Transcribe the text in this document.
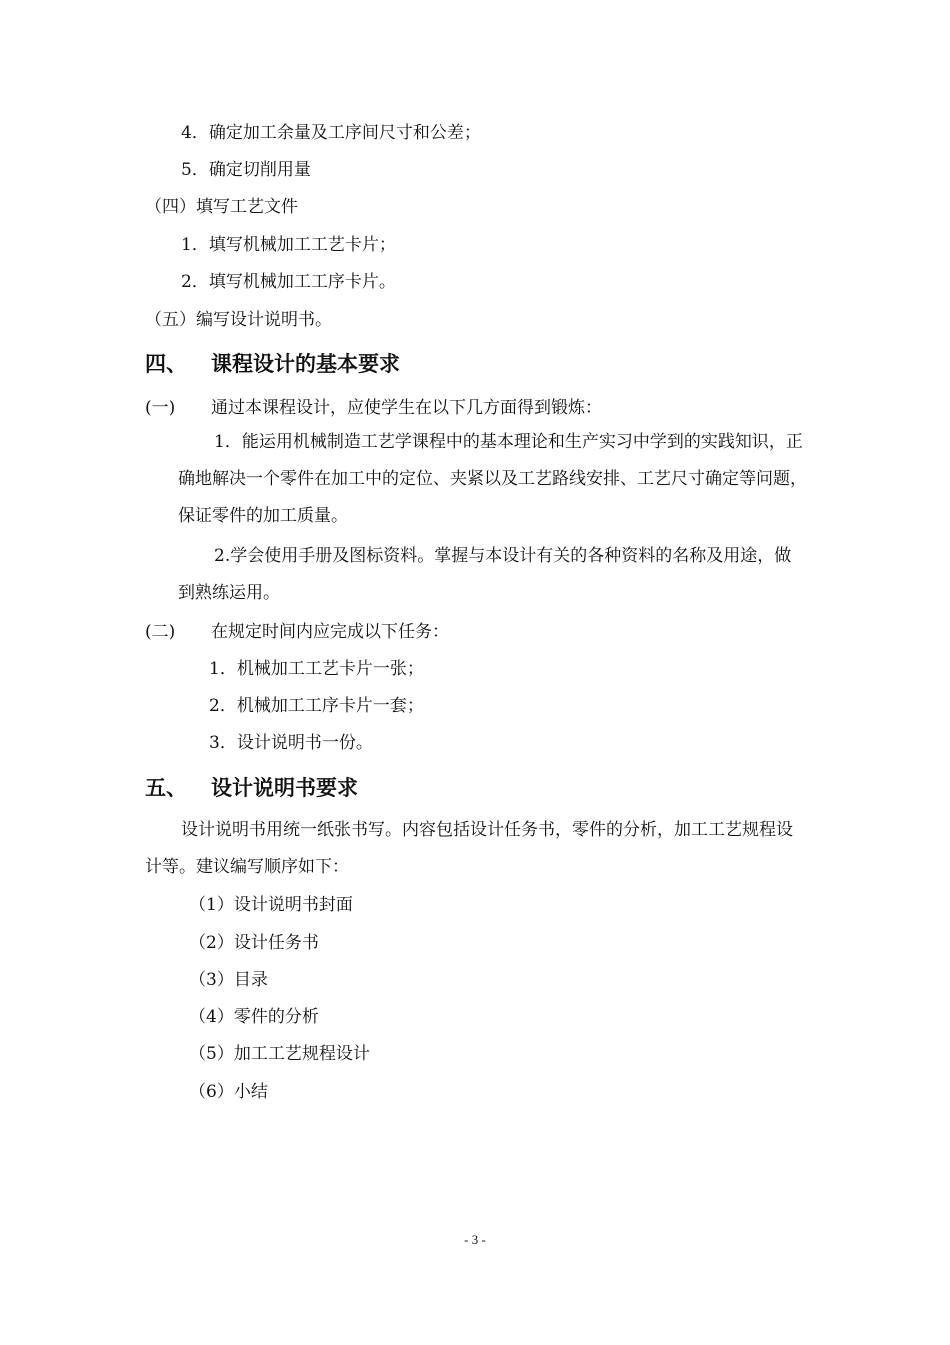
4．确定加工余量及工序间尺寸和公差；
5．确定切削用量
（四）填写工艺文件
1．填写机械加工工艺卡片；
2．填写机械加工工序卡片。
（五）编写设计说明书。
四、 课程设计的基本要求
(一) 通过本课程设计，应使学生在以下几方面得到锻炼：
1．能运用机械制造工艺学课程中的基本理论和生产实习中学到的实践知识，正确地解决一个零件在加工中的定位、夹紧以及工艺路线安排、工艺尺寸确定等问题，保证零件的加工质量。
2.学会使用手册及图标资料。掌握与本设计有关的各种资料的名称及用途，做到熟练运用。
(二) 在规定时间内应完成以下任务：
1．机械加工工艺卡片一张；
2．机械加工工序卡片一套；
3．设计说明书一份。
五、 设计说明书要求
设计说明书用统一纸张书写。内容包括设计任务书，零件的分析，加工工艺规程设计等。建议编写顺序如下：
（1）设计说明书封面
（2）设计任务书
（3）目录
（4）零件的分析
（5）加工工艺规程设计
（6）小结
- 3 -
